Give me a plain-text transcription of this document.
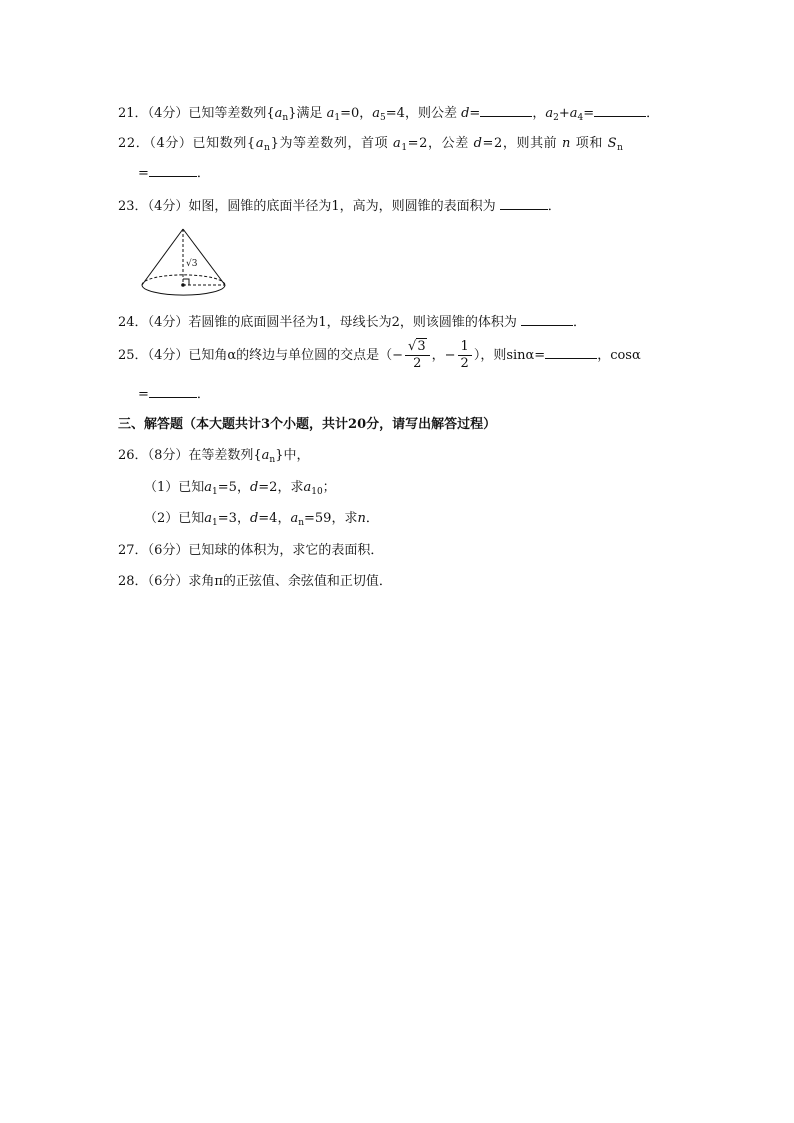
21．（4分）已知等差数列$\{a_n\}$满足 $a_1=0$，$a_5=4$，则公差 d=	，$a_2+a_4=$	．
22．（4分）已知数列$\{a_n\}$为等差数列，首项 $a_1=2$，公差 d=2，则其前 n 项和 $S_n$
=	．
23．（4分）如图，圆锥的底面半径为1，高为，则圆锥的表面积为	．
√3
24．（4分）若圆锥的底面圆半径为1，母线长为2，则该圆锥的体积为	．
25．（4分）已知角α的终边与单位圆的交点是（− $\frac{√3}{2}$ ，− $\frac{1}{2}$ ），则sinα=	，cosα
=	．
三、解答题（本大题共计3个小题，共计20分，请写出解答过程）
26．（8分）在等差数列$\{a_n\}$中，
（1）已知$a_1=5$，d=2，求$a_{10}$；
（2）已知$a_1=3$，d=4，$a_n=59$，求n．
27．（6分）已知球的体积为，求它的表面积．
28．（6分）求角π的正弦值、余弦值和正切值．
